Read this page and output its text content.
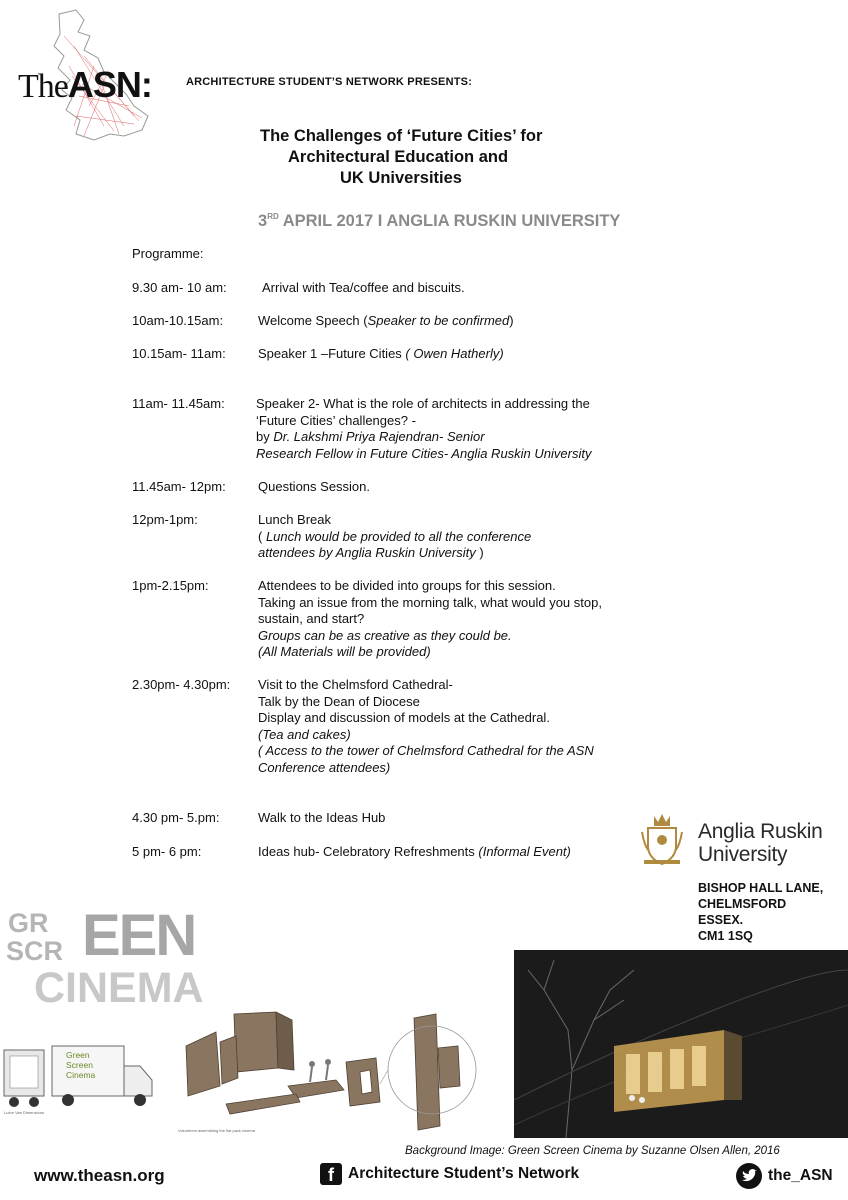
TheASN:	ARCHITECTURE STUDENT’S NETWORK PRESENTS:
The Challenges of ‘Future Cities’ for
Architectural Education and
UK Universities
3RD APRIL 2017 I ANGLIA RUSKIN UNIVERSITY
Programme:
9.30 am- 10 am:	Arrival with Tea/coffee and biscuits.
10am-10.15am:	Welcome Speech (Speaker to be confirmed)
10.15am- 11am: Speaker 1 –Future Cities ( Owen Hatherly)
11am- 11.45am: Speaker 2- What is the role of architects in addressing the
‘Future Cities’ challenges? -
by Dr. Lakshmi Priya Rajendran- Senior
Research Fellow in Future Cities- Anglia Ruskin University
11.45am- 12pm: Questions Session.
12pm-1pm:	Lunch Break
( Lunch would be provided to all the conference
attendees by Anglia Ruskin University )
1pm-2.15pm:	Attendees to be divided into groups for this session.
Taking an issue from the morning talk, what would you stop,
sustain, and start?
Groups can be as creative as they could be.
(All Materials will be provided)
2.30pm- 4.30pm: Visit to the Chelmsford Cathedral-
Talk by the Dean of Diocese
Display and discussion of models at the Cathedral.
(Tea and cakes)
( Access to the tower of Chelmsford Cathedral for the ASN
Conference attendees)
4.30 pm- 5.pm:	Walk to the Ideas Hub
5 pm- 6 pm:	Ideas hub- Celebratory Refreshments (Informal Event)
Anglia Ruskin
University
BISHOP HALL LANE,
CHELMSFORD
ESSEX.
CM1 1SQ
GR
SCR EEN
CINEMA
Luton Van Dimensions
Green
Screen
Cinema
Volunteers assembling the flat pack cinema
Background Image: Green Screen Cinema by Suzanne Olsen Allen, 2016
www.theasn.org	f Architecture Student’s Network	the_ASN
